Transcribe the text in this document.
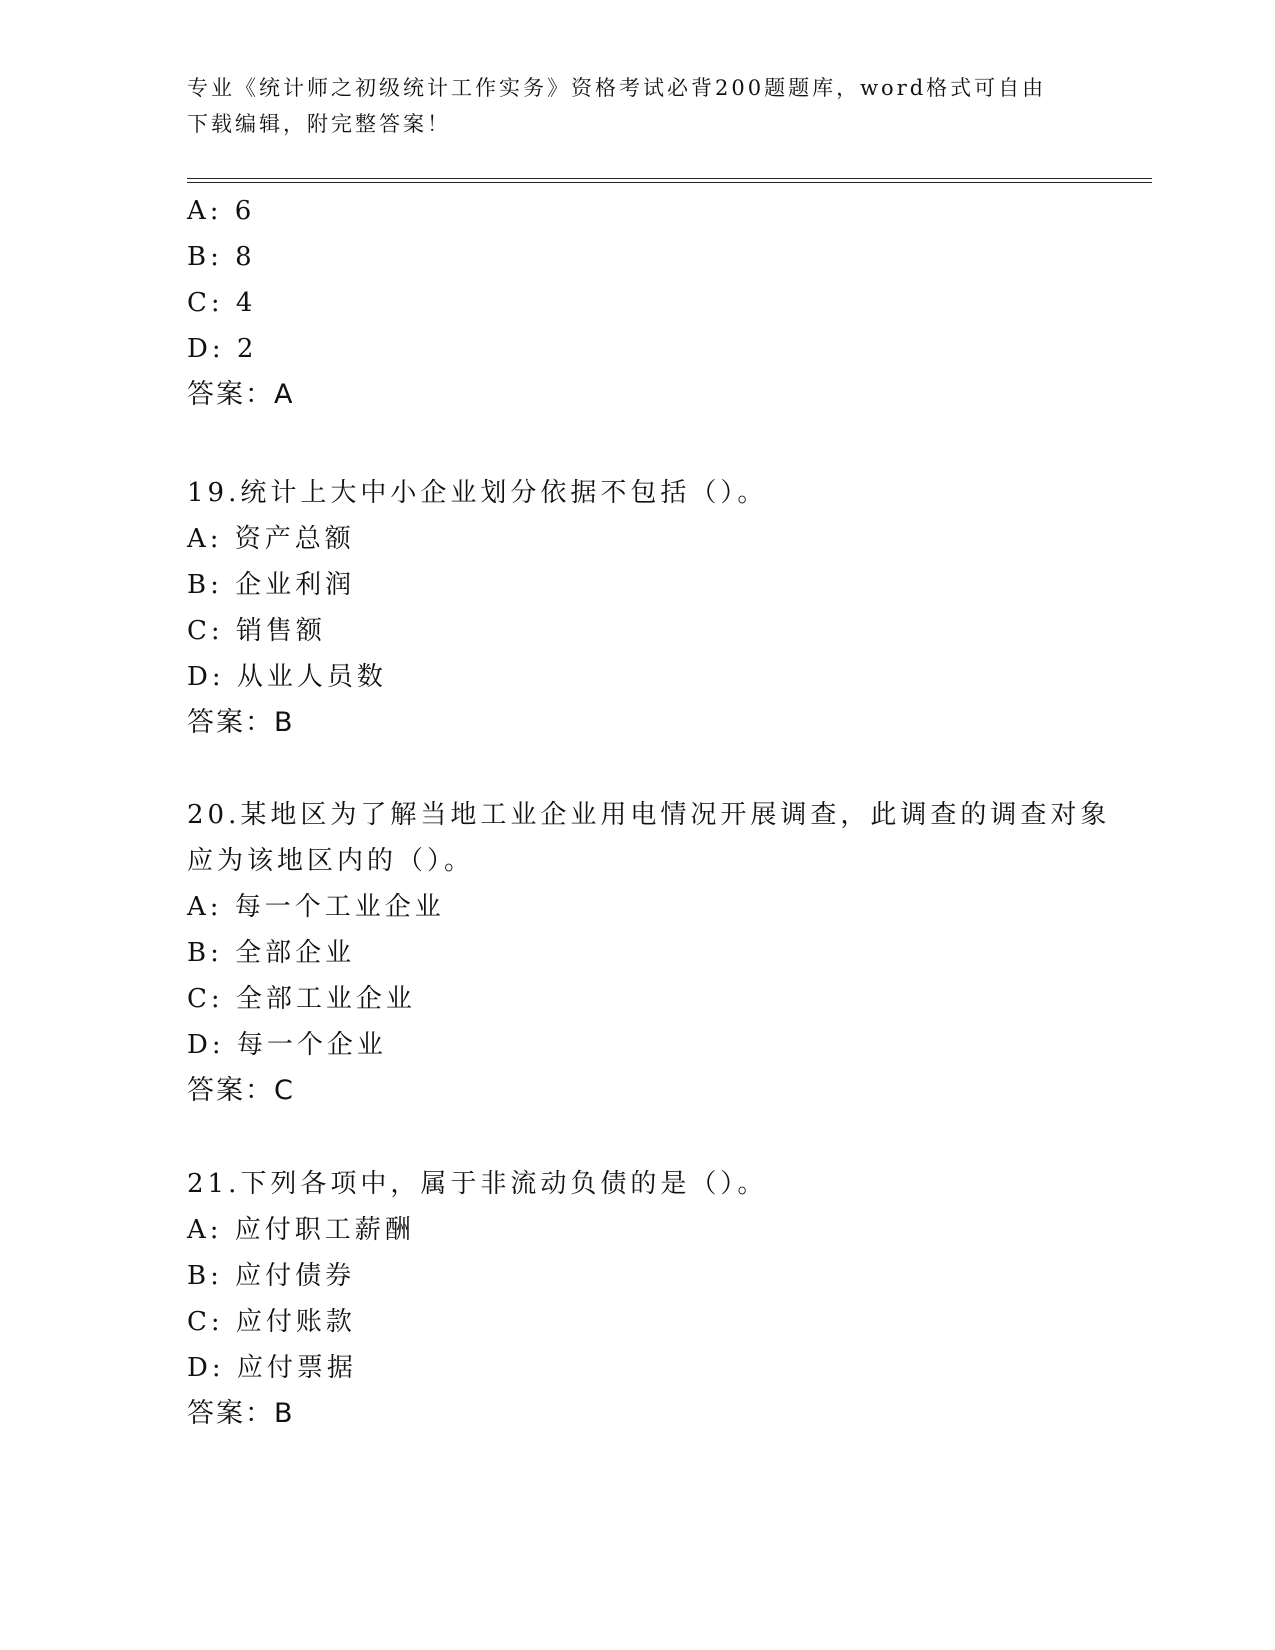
专业《统计师之初级统计工作实务》资格考试必背200题题库，word格式可自由
下载编辑，附完整答案！
A: 6
B: 8
C: 4
D: 2
答案：A
19.统计上大中小企业划分依据不包括（）。
A: 资产总额
B: 企业利润
C: 销售额
D: 从业人员数
答案：B
20.某地区为了解当地工业企业用电情况开展调查，此调查的调查对象
应为该地区内的（）。
A: 每一个工业企业
B: 全部企业
C: 全部工业企业
D: 每一个企业
答案：C
21.下列各项中，属于非流动负债的是（）。
A: 应付职工薪酬
B: 应付债券
C: 应付账款
D: 应付票据
答案：B
